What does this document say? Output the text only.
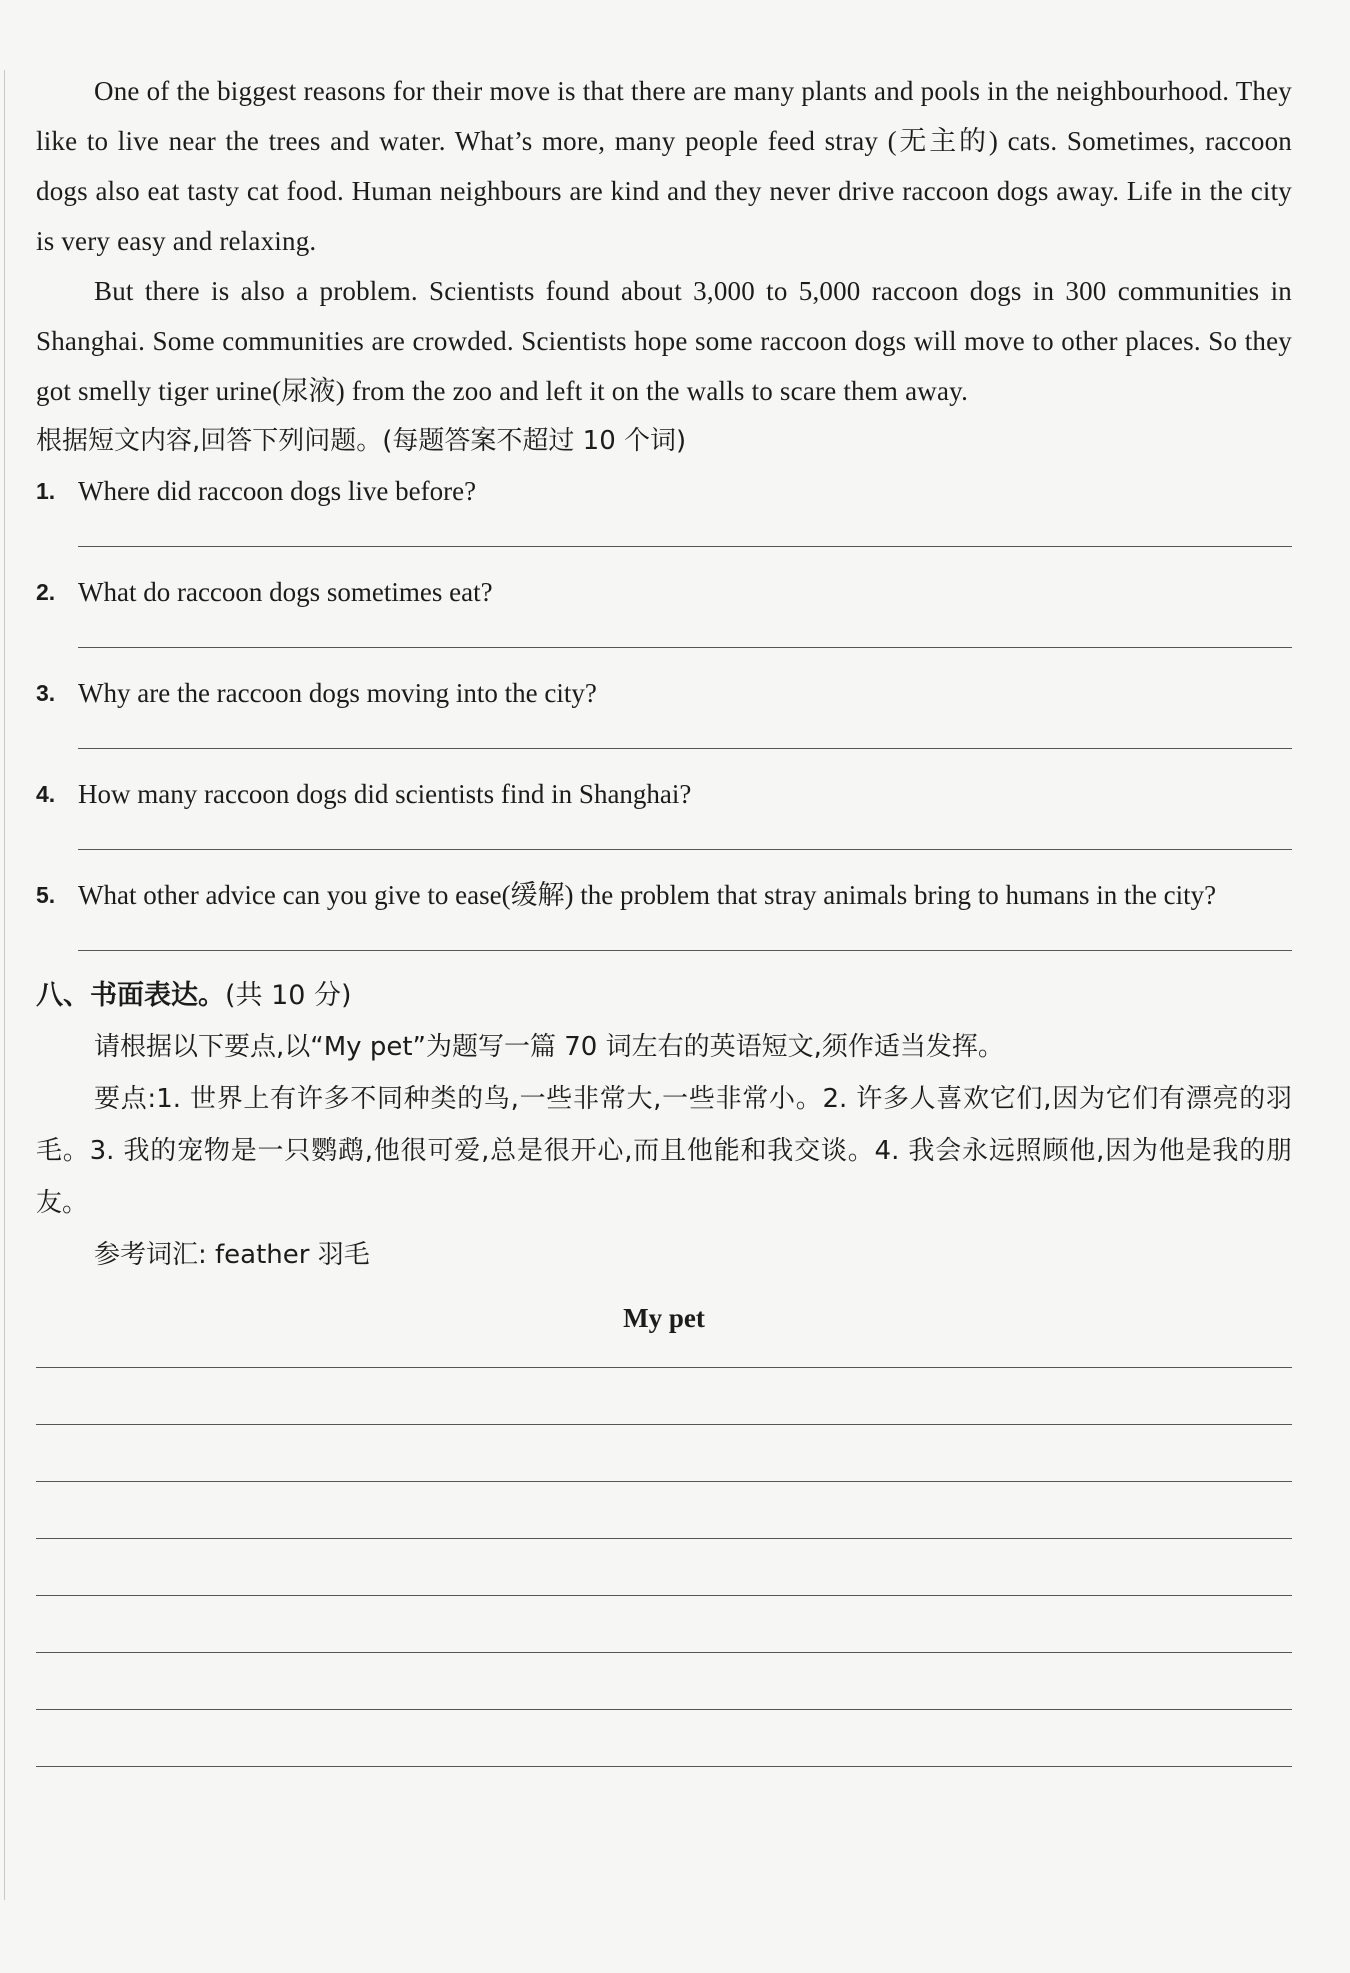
One of the biggest reasons for their move is that there are many plants and pools in the neighbourhood. They like to live near the trees and water. What’s more, many people feed stray (无主的) cats. Sometimes, raccoon dogs also eat tasty cat food. Human neighbours are kind and they never drive raccoon dogs away. Life in the city is very easy and relaxing.

But there is also a problem. Scientists found about 3,000 to 5,000 raccoon dogs in 300 communities in Shanghai. Some communities are crowded. Scientists hope some raccoon dogs will move to other places. So they got smelly tiger urine(尿液) from the zoo and left it on the walls to scare them away.

根据短文内容,回答下列问题。(每题答案不超过 10 个词)

1. Where did raccoon dogs live before?
2. What do raccoon dogs sometimes eat?
3. Why are the raccoon dogs moving into the city?
4. How many raccoon dogs did scientists find in Shanghai?
5. What other advice can you give to ease(缓解) the problem that stray animals bring to humans in the city?

八、书面表达。(共 10 分)

请根据以下要点,以“My pet”为题写一篇 70 词左右的英语短文,须作适当发挥。

要点:1. 世界上有许多不同种类的鸟,一些非常大,一些非常小。2. 许多人喜欢它们,因为它们有漂亮的羽毛。3. 我的宠物是一只鹦鹉,他很可爱,总是很开心,而且他能和我交谈。4. 我会永远照顾他,因为他是我的朋友。

参考词汇: feather 羽毛

My pet
